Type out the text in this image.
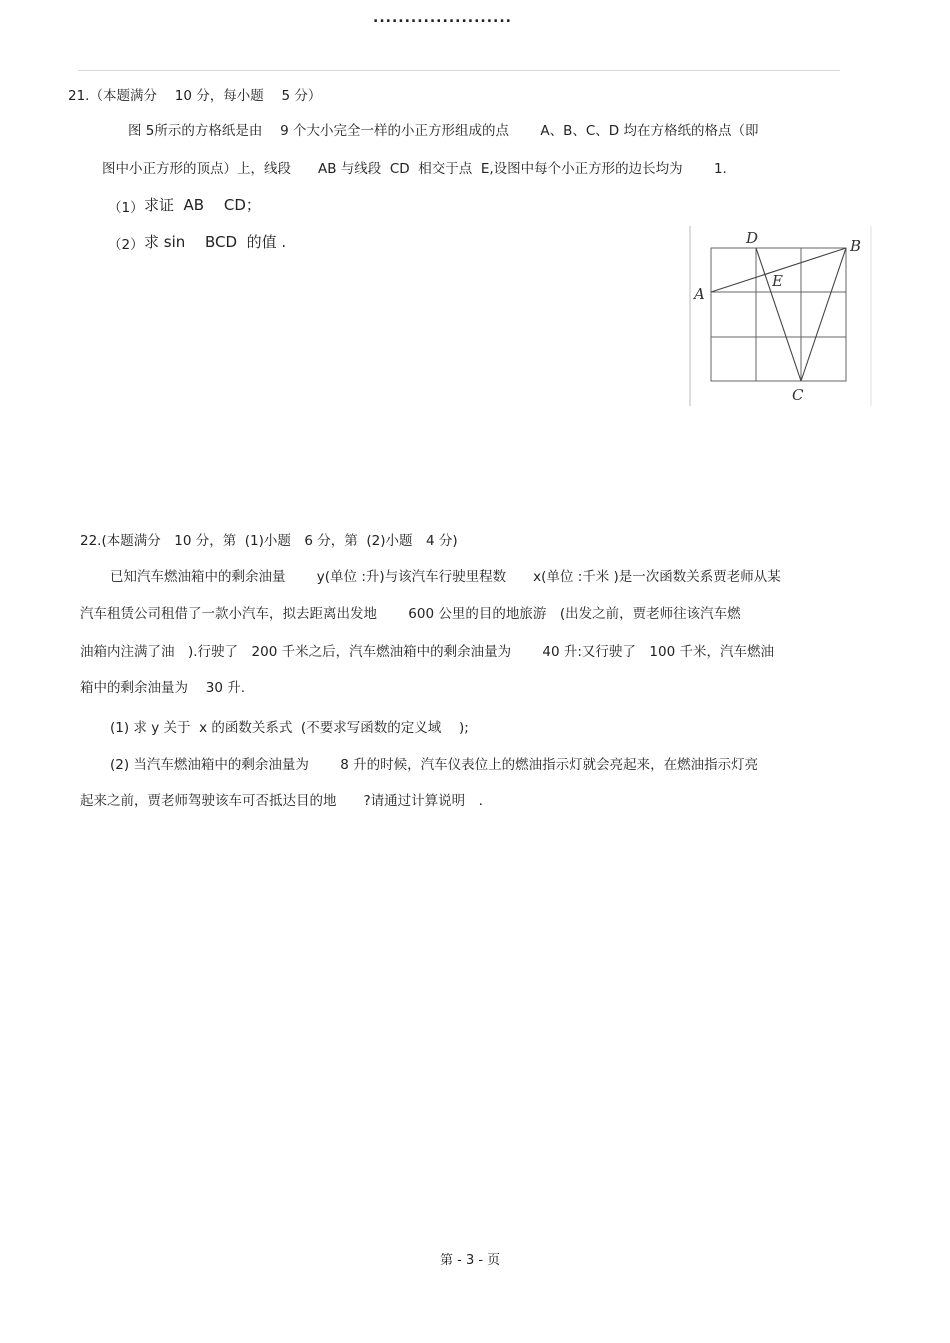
......................
21.（本题满分　 10 分，每小题　 5 分）
图 5所示的方格纸是由　 9 个大小完全一样的小正方形组成的点　　 A、B、C、D 均在方格纸的格点（即
图中小正方形的顶点）上，线段　　AB 与线段  CD  相交于点  E,设图中每个小正方形的边长均为　　 1.
（1） 求证  AB　 CD；
（2） 求 sin　 BCD  的值 .
A
B
C
D
E
22.(本题满分　10 分，第  (1)小题　6 分，第  (2)小题　4 分)
已知汽车燃油箱中的剩余油量　　 y(单位 :升)与该汽车行驶里程数　　x(单位 :千米 )是一次函数关系贾老师从某
汽车租赁公司租借了一款小汽车，拟去距离出发地　　 600 公里的目的地旅游　(出发之前，贾老师往该汽车燃
油箱内注满了油　).行驶了　200 千米之后，汽车燃油箱中的剩余油量为　　 40 升:又行驶了　100 千米，汽车燃油
箱中的剩余油量为　 30 升.
(1) 求 y 关于  x 的函数关系式  (不要求写函数的定义域　 );
(2) 当汽车燃油箱中的剩余油量为　　 8 升的时候，汽车仪表位上的燃油指示灯就会亮起来，在燃油指示灯亮
起来之前，贾老师驾驶该车可否抵达目的地　　?请通过计算说明　.
第 - 3 - 页
